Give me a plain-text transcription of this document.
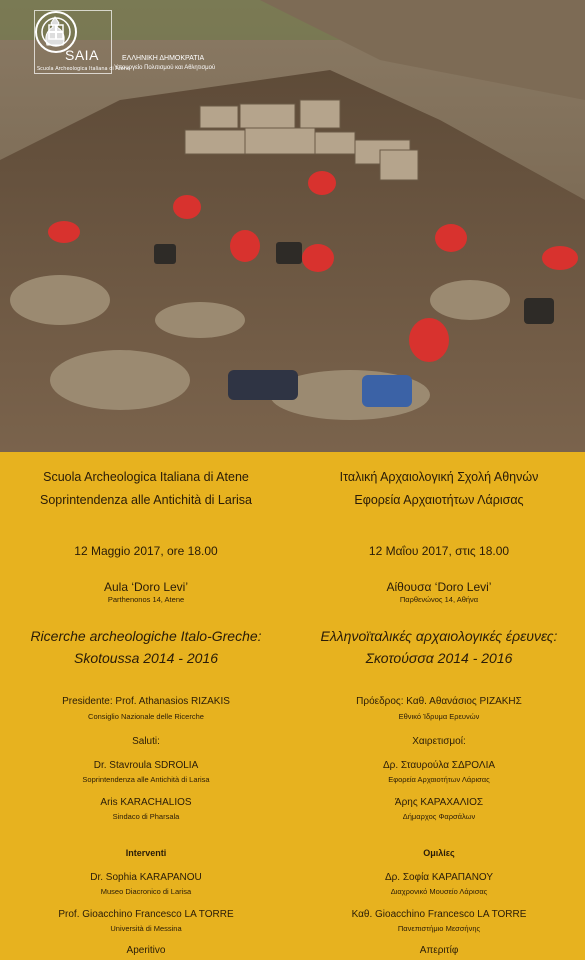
SAIA
Scuola Archeologica Italiana di Atene
ΕΛΛΗΝΙΚΗ ΔΗΜΟΚΡΑΤΙΑ
Υπουργείο Πολιτισμού και Αθλητισμού
Scuola Archeologica Italiana di Atene
Soprintendenza alle Antichità di Larisa
12 Maggio 2017, ore 18.00
Aula ‘Doro Levi’
Parthenonos 14, Atene
Ricerche archeologiche Italo-Greche:
Skotoussa 2014 - 2016
Presidente: Prof. Athanasios RIZAKIS
Consiglio Nazionale delle Ricerche
Saluti:
Dr. Stavroula SDROLIA
Soprintendenza alle Antichità di Larisa
Aris KARACHALIOS
Sindaco di Pharsala
Interventi
Dr. Sophia KARAPANOU
Museo Diacronico di Larisa
Prof. Gioacchino Francesco LA TORRE
Università di Messina
Aperitivo
Ιταλική Αρχαιολογική Σχολή Αθηνών
Εφορεία Αρχαιοτήτων Λάρισας
12 Μαΐου 2017, στις 18.00
Αίθουσα ‘Doro Levi’
Παρθενώνος 14, Αθήνα
Ελληνοϊταλικές αρχαιολογικές έρευνες:
Σκοτούσσα 2014 - 2016
Πρόεδρος: Καθ. Αθανάσιος ΡΙΖΑΚΗΣ
Εθνικό Ίδρυμα Ερευνών
Χαιρετισμοί:
Δρ. Σταυρούλα ΣΔΡΟΛΙΑ
Εφορεία Αρχαιοτήτων Λάρισας
Άρης ΚΑΡΑΧΑΛΙΟΣ
Δήμαρχος Φαρσάλων
Ομιλίες
Δρ. Σοφία ΚΑΡΑΠΑΝΟΥ
Διαχρονικό Μουσείο Λάρισας
Καθ. Gioacchino Francesco LA TORRE
Πανεπιστήμιο Μεσσήνης
Απεριτίφ
